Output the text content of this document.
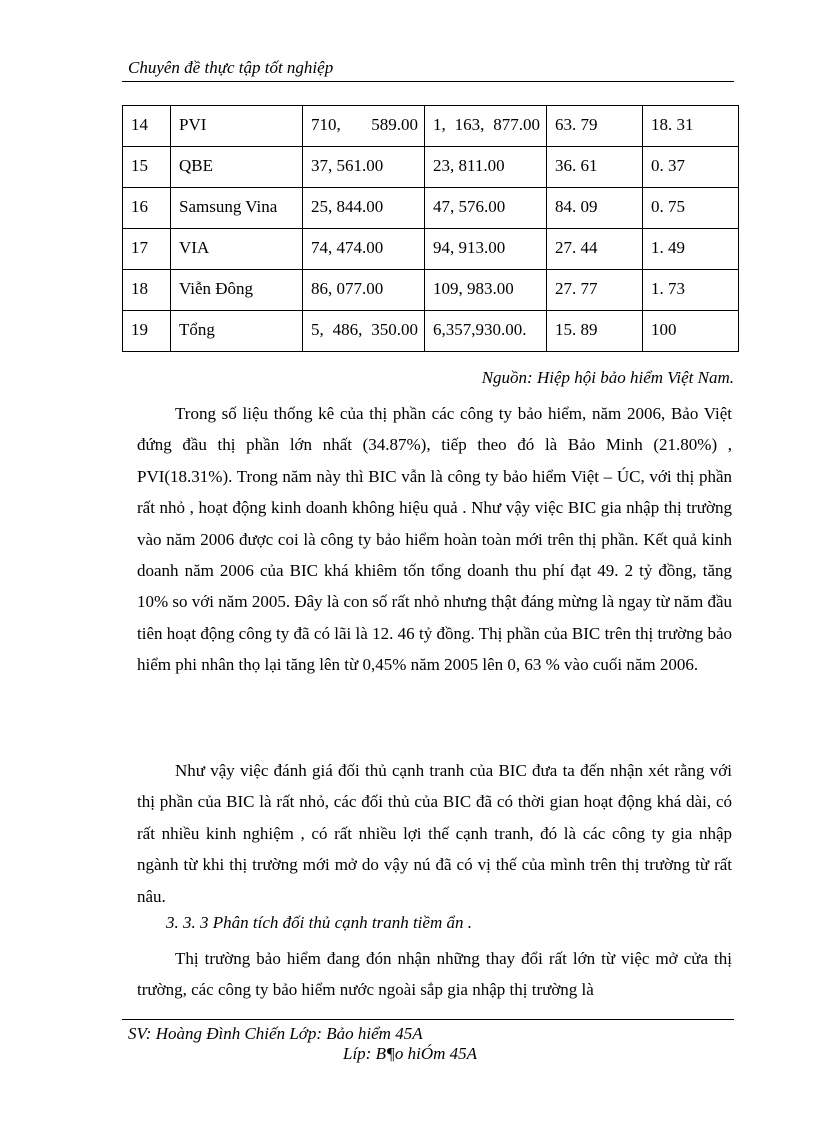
Chuyên đề thực tập tốt nghiệp
14	PVI	710, 589.00	1, 163, 877.00	63. 79	18. 31
15	QBE	37, 561.00	23, 811.00	36. 61	0. 37
16	Samsung Vina	25, 844.00	47, 576.00	84. 09	0. 75
17	VIA	74, 474.00	94, 913.00	27. 44	1. 49
18	Viễn Đông	86, 077.00	109, 983.00	27. 77	1. 73
19	Tổng	5, 486, 350.00	6,357,930.00.	15. 89	100
Nguồn: Hiệp hội bảo hiểm Việt Nam.

Trong số liệu thống kê của thị phần các công ty bảo hiểm, năm 2006, Bảo Việt đứng đầu thị phần lớn nhất (34.87%), tiếp theo đó là Bảo Minh (21.80%) , PVI(18.31%). Trong năm này thì BIC vẫn là công ty bảo hiểm Việt – ÚC, với thị phần rất nhỏ , hoạt động kinh doanh không hiệu quả . Như vậy việc BIC gia nhập thị trường vào năm 2006 được coi là công ty bảo hiểm hoàn toàn mới trên thị phần. Kết quả kinh doanh năm 2006 của BIC khá khiêm tốn tổng doanh thu phí đạt 49. 2 tỷ đồng, tăng 10% so với năm 2005. Đây là con số rất nhỏ nhưng thật đáng mừng là ngay từ năm đầu tiên hoạt động công ty đã có lãi là 12. 46 tỷ đồng. Thị phần của BIC trên thị trường bảo hiểm phi nhân thọ lại tăng lên từ 0,45% năm 2005 lên 0, 63 % vào cuối năm 2006.

Như vậy việc đánh giá đối thủ cạnh tranh của BIC đưa ta đến nhận xét rằng với thị phần của BIC là rất nhỏ, các đối thủ của BIC đã có thời gian hoạt động khá dài, có rất nhiều kinh nghiệm , có rất nhiều lợi thế cạnh tranh, đó là các công ty gia nhập ngành từ khi thị trường mới mở do vậy nú đã có vị thế của mình trên thị trường từ rất nâu.

3. 3. 3 Phân tích đối thủ cạnh tranh tiềm ẩn .

Thị trường bảo hiểm đang đón nhận những thay đổi rất lớn từ việc mở cửa thị trường, các công ty bảo hiểm nước ngoài sắp gia nhập thị trường là

SV: Hoàng Đình Chiến Lớp: Bảo hiểm 45A
Líp: B¶o hiÓm 45A
